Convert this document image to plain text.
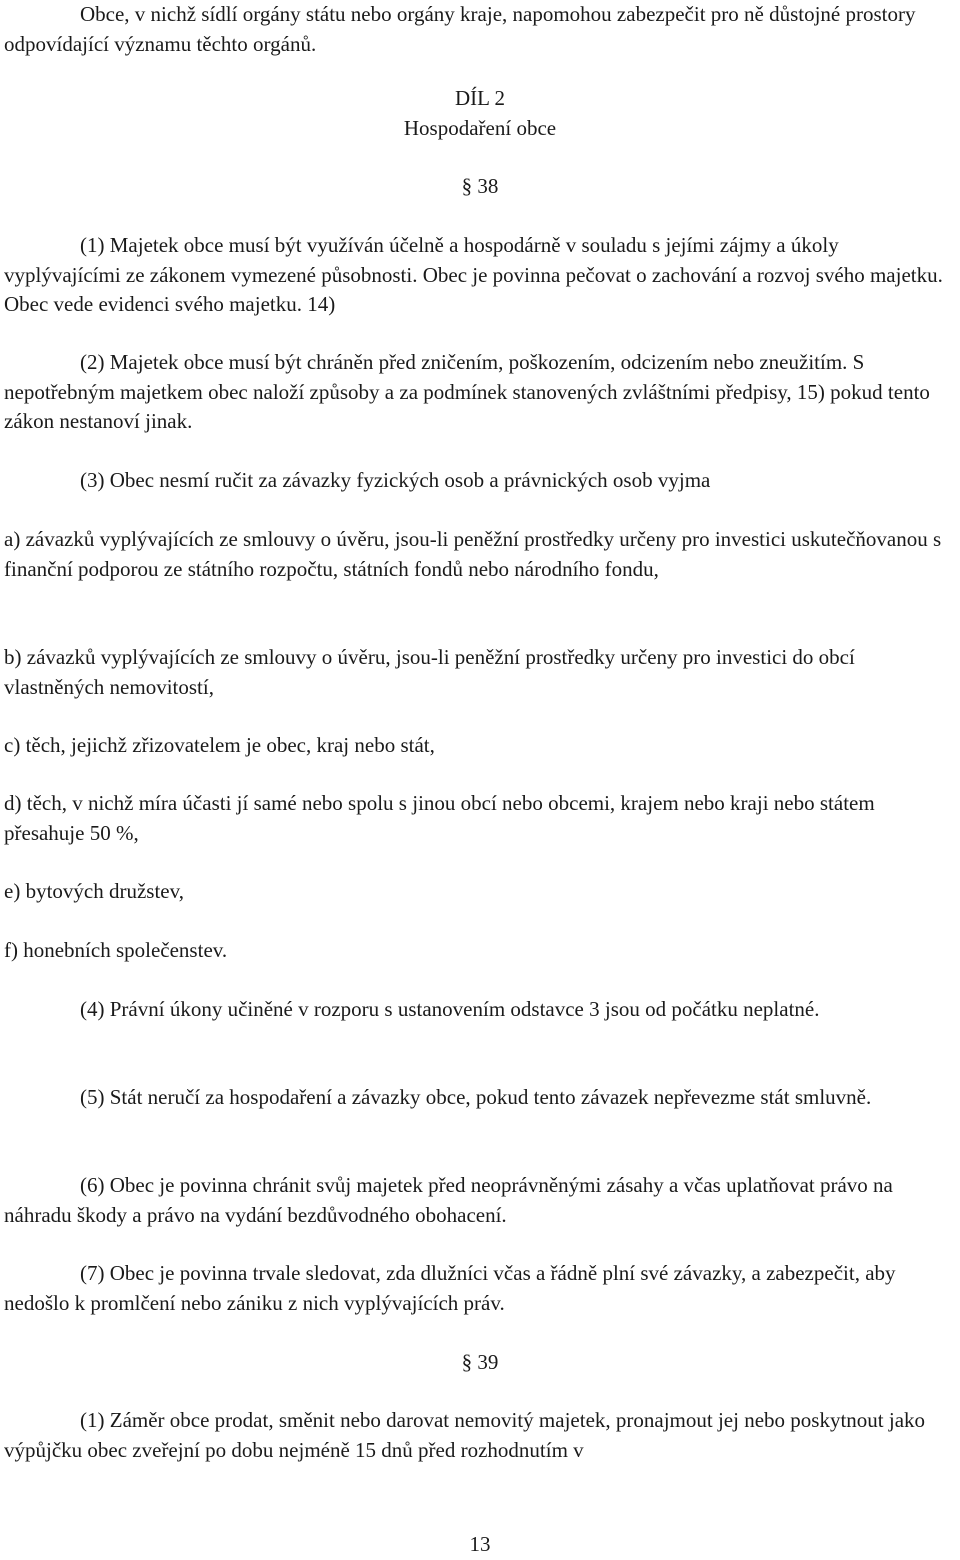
Obce, v nichž sídlí orgány státu nebo orgány kraje, napomohou zabezpečit pro ně důstojné prostory odpovídající významu těchto orgánů.

DÍL 2

Hospodaření obce

§ 38

(1) Majetek obce musí být využíván účelně a hospodárně v souladu s jejími zájmy a úkoly vyplývajícími ze zákonem vymezené působnosti. Obec je povinna pečovat o zachování a rozvoj svého majetku. Obec vede evidenci svého majetku. 14)

(2) Majetek obce musí být chráněn před zničením, poškozením, odcizením nebo zneužitím. S nepotřebným majetkem obec naloží způsoby a za podmínek stanovených zvláštními předpisy, 15) pokud tento zákon nestanoví jinak.

(3) Obec nesmí ručit za závazky fyzických osob a právnických osob vyjma

a) závazků vyplývajících ze smlouvy o úvěru, jsou-li peněžní prostředky určeny pro investici uskutečňovanou s finanční podporou ze státního rozpočtu, státních fondů nebo národního fondu,

b) závazků vyplývajících ze smlouvy o úvěru, jsou-li peněžní prostředky určeny pro investici do obcí vlastněných nemovitostí,

c) těch, jejichž zřizovatelem je obec, kraj nebo stát,

d) těch, v nichž míra účasti jí samé nebo spolu s jinou obcí nebo obcemi, krajem nebo kraji nebo státem přesahuje 50 %,

e) bytových družstev,

f) honebních společenstev.

(4) Právní úkony učiněné v rozporu s ustanovením odstavce 3 jsou od počátku neplatné.

(5) Stát neručí za hospodaření a závazky obce, pokud tento závazek nepřevezme stát smluvně.

(6) Obec je povinna chránit svůj majetek před neoprávněnými zásahy a včas uplatňovat právo na náhradu škody a právo na vydání bezdůvodného obohacení.

(7) Obec je povinna trvale sledovat, zda dlužníci včas a řádně plní své závazky, a zabezpečit, aby nedošlo k promlčení nebo zániku z nich vyplývajících práv.

§ 39

(1) Záměr obce prodat, směnit nebo darovat nemovitý majetek, pronajmout jej nebo poskytnout jako výpůjčku obec zveřejní po dobu nejméně 15 dnů před rozhodnutím v

13
